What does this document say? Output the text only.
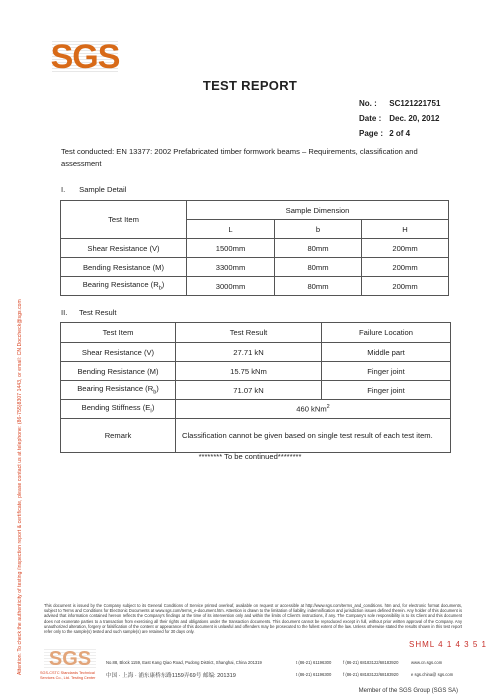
SGS
TEST REPORT
No. : SC121221751
Date : Dec. 20, 2012
Page : 2 of 4
Attention: To check the authenticity of testing /inspection report & certificate, please contact us at telephone: (86-755)8307 1443, or email: CN.Doccheck@sgs.com
Test conducted: EN 13377: 2002 Prefabricated timber formwork beams – Requirements, classification and assessment
I. Sample Detail
Test Item	Sample Dimension		
	L	b	H
Shear Resistance (V)	1500mm	80mm	200mm
Bending Resistance (M)	3300mm	80mm	200mm
Bearing Resistance $(R_b)$	3000mm	80mm	200mm
II. Test Result
Test Item	Test Result	Failure Location
Shear Resistance (V)	27.71 kN	Middle part
Bending Resistance (M)	15.75 kNm	Finger joint
Bearing Resistance $(R_b)$	71.07 kN	Finger joint
Bending Stiffness $(E_I)$	460 kNm$^2$
Remark	Classification cannot be given based on single test result of each test item.	
******** To be continued********
This document is issued by the Company subject to its General Conditions of Service printed overleaf, available on request or accessible at http://www.sgs.com/terms_and_conditions. htm and, for electronic format documents, subject to Terms and Conditions for Electronic Documents at www.sgs.com/terms_e-document.htm. Attention is drawn to the limitation of liability, indemnification and jurisdiction issues defined therein. Any holder of this document is advised that information contained hereon reflects the Company's findings at the time of its intervention only and within the limits of Client's instructions, if any. The Company's sole responsibility is to its Client and this document does not exonerate parties to a transaction from exercising all their rights and obligations under the transaction documents. This document cannot be reproduced except in full, without prior written approval of the Company. Any unauthorized alteration, forgery or falsification of the content or appearance of this document is unlawful and offenders may be prosecuted to the fullest extent of the law. Unless otherwise stated the results shown in this test report refer only to the sample(s) tested and such sample(s) are retained for 30 days only.
SHML 4 1 4 3 5 1
SGS
SGS-CSTC Standards Technical Services Co., Ltd. Testing Center
No.88, Block 1159, East Kang Qiao Road, Pudong District, Shanghai, China 201319
中国 · 上海 · 浦东康桥东路1159弄69号 邮编: 201319
t (86-21) 61196300
t (86-21) 61196300
f (86-21) 68183122/68183920
f (86-21) 68183122/68183920
www.cn.sgs.com
e sgs.china@ sgs.com
Member of the SGS Group (SGS SA)
